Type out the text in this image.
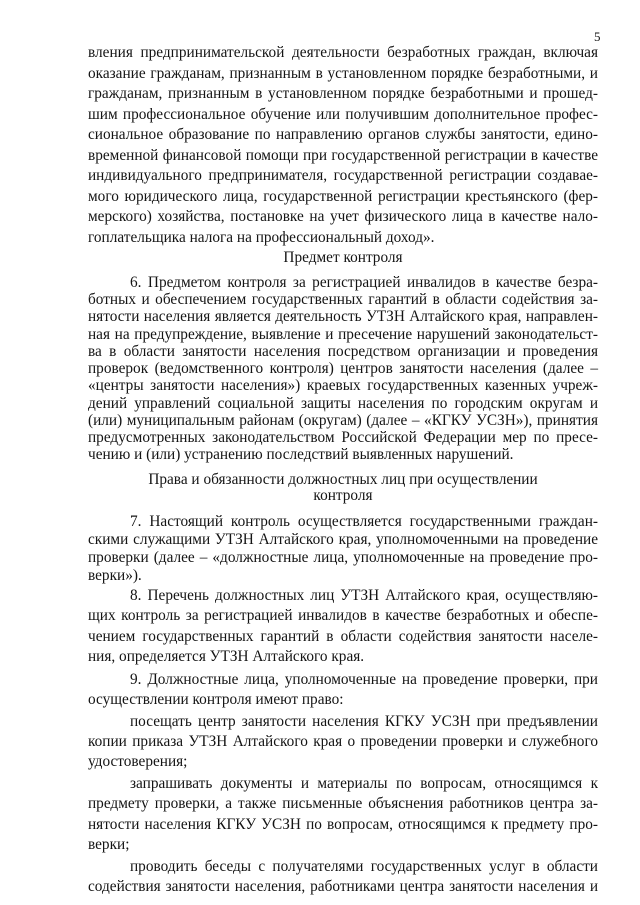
5
вления предпринимательской деятельности безработных граждан, включая
оказание гражданам, признанным в установленном порядке безработными, и
гражданам, признанным в установленном порядке безработными и прошед-
шим профессиональное обучение или получившим дополнительное профес-
сиональное образование по направлению органов службы занятости, едино-
временной финансовой помощи при государственной регистрации в качестве
индивидуального предпринимателя, государственной регистрации создавае-
мого юридического лица, государственной регистрации крестьянского (фер-
мерского) хозяйства, постановке на учет физического лица в качестве нало-
гоплательщика налога на профессиональный доход».
Предмет контроля
6. Предметом контроля за регистрацией инвалидов в качестве безра-
ботных и обеспечением государственных гарантий в области содействия за-
нятости населения является деятельность УТЗН Алтайского края, направлен-
ная на предупреждение, выявление и пресечение нарушений законодательст-
ва в области занятости населения посредством организации и проведения
проверок (ведомственного контроля) центров занятости населения (далее –
«центры занятости населения») краевых государственных казенных учреж-
дений управлений социальной защиты населения по городским округам и
(или) муниципальным районам (округам) (далее – «КГКУ УСЗН»), принятия
предусмотренных законодательством Российской Федерации мер по пресе-
чению и (или) устранению последствий выявленных нарушений.
Права и обязанности должностных лиц при осуществлении
контроля
7. Настоящий контроль осуществляется государственными граждан-
скими служащими УТЗН Алтайского края, уполномоченными на проведение
проверки (далее – «должностные лица, уполномоченные на проведение про-
верки»).
8. Перечень должностных лиц УТЗН Алтайского края, осуществляю-
щих контроль за регистрацией инвалидов в качестве безработных и обеспе-
чением государственных гарантий в области содействия занятости населе-
ния, определяется УТЗН Алтайского края.
9. Должностные лица, уполномоченные на проведение проверки, при
осуществлении контроля имеют право:
посещать центр занятости населения КГКУ УСЗН при предъявлении
копии приказа УТЗН Алтайского края о проведении проверки и служебного
удостоверения;
запрашивать документы и материалы по вопросам, относящимся к
предмету проверки, а также письменные объяснения работников центра за-
нятости населения КГКУ УСЗН по вопросам, относящимся к предмету про-
верки;
проводить беседы с получателями государственных услуг в области
содействия занятости населения, работниками центра занятости населения и
